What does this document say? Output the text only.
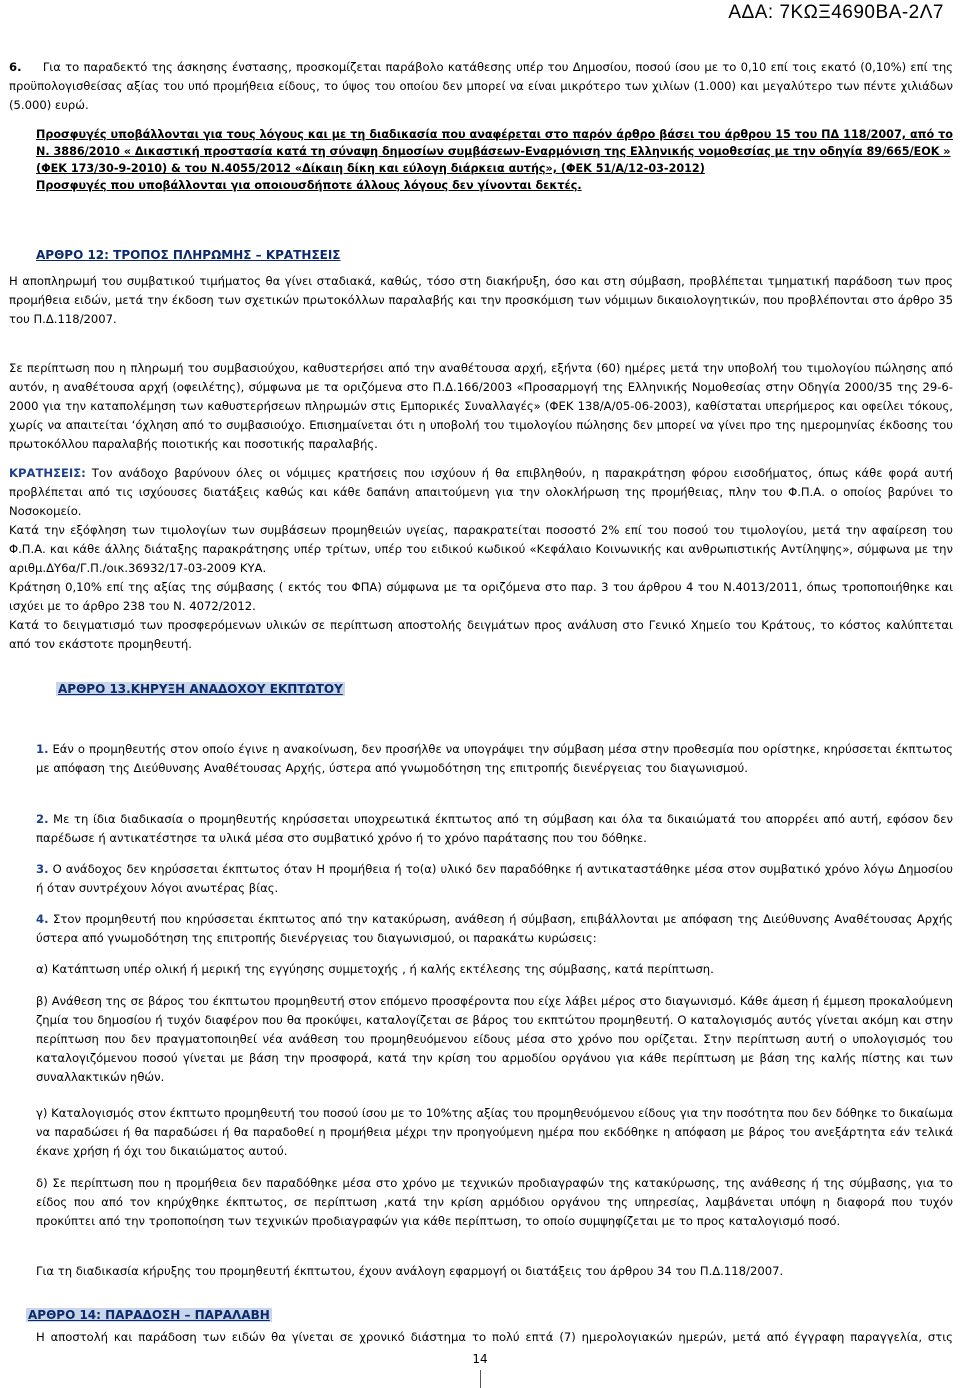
ΑΔΑ: 7ΚΩΞ4690ΒΑ-2Λ7
6. Για το παραδεκτό της άσκησης ένστασης, προσκομίζεται παράβολο κατάθεσης υπέρ του Δημοσίου, ποσού ίσου με το 0,10 επί τοις εκατό (0,10%) επί της προϋπολογισθείσας αξίας του υπό προμήθεια είδους, το ύψος του οποίου δεν μπορεί να είναι μικρότερο των χιλίων (1.000) και μεγαλύτερο των πέντε χιλιάδων (5.000) ευρώ.
Προσφυγές υποβάλλονται για τους λόγους και με τη διαδικασία που αναφέρεται στο παρόν άρθρο βάσει του άρθρου 15 του ΠΔ 118/2007, από το Ν. 3886/2010 « Δικαστική προστασία κατά τη σύναψη δημοσίων συμβάσεων-Εναρμόνιση της Ελληνικής νομοθεσίας με την οδηγία 89/665/ΕΟΚ »
(ΦΕΚ 173/30-9-2010) & του Ν.4055/2012 «Δίκαιη δίκη και εύλογη διάρκεια αυτής», (ΦΕΚ 51/Α/12-03-2012)
Προσφυγές που υποβάλλονται για οποιουσδήποτε άλλους λόγους δεν γίνονται δεκτές.
ΑΡΘΡΟ 12: ΤΡΟΠΟΣ ΠΛΗΡΩΜΗΣ – ΚΡΑΤΗΣΕΙΣ
Η αποπληρωμή του συμβατικού τιμήματος θα γίνει σταδιακά, καθώς, τόσο στη διακήρυξη, όσο και στη σύμβαση, προβλέπεται τμηματική παράδοση των προς προμήθεια ειδών, μετά την έκδοση των σχετικών πρωτοκόλλων παραλαβής και την προσκόμιση των νόμιμων δικαιολογητικών, που προβλέπονται στο άρθρο 35 του Π.Δ.118/2007.
Σε περίπτωση που η πληρωμή του συμβασιούχου, καθυστερήσει από την αναθέτουσα αρχή, εξήντα (60) ημέρες μετά την υποβολή του τιμολογίου πώλησης από αυτόν, η αναθέτουσα αρχή (οφειλέτης), σύμφωνα με τα οριζόμενα στο Π.Δ.166/2003 «Προσαρμογή της Ελληνικής Νομοθεσίας στην Οδηγία 2000/35 της 29-6-2000 για την καταπολέμηση των καθυστερήσεων πληρωμών στις Εμπορικές Συναλλαγές» (ΦΕΚ 138/Α/05-06-2003), καθίσταται υπερήμερος και οφείλει τόκους, χωρίς να απαιτείται ‘όχληση από το συμβασιούχο. Επισημαίνεται ότι η υποβολή του τιμολογίου πώλησης δεν μπορεί να γίνει προ της ημερομηνίας έκδοσης του πρωτοκόλλου παραλαβής ποιοτικής και ποσοτικής παραλαβής.
ΚΡΑΤΗΣΕΙΣ: Τον ανάδοχο βαρύνουν όλες οι νόμιμες κρατήσεις που ισχύουν ή θα επιβληθούν, η παρακράτηση φόρου εισοδήματος, όπως κάθε φορά αυτή προβλέπεται από τις ισχύουσες διατάξεις καθώς και κάθε δαπάνη απαιτούμενη για την ολοκλήρωση της προμήθειας, πλην του Φ.Π.Α. ο οποίος βαρύνει το Νοσοκομείο.
Κατά την εξόφληση των τιμολογίων των συμβάσεων προμηθειών υγείας, παρακρατείται ποσοστό 2% επί του ποσού του τιμολογίου, μετά την αφαίρεση του Φ.Π.Α. και κάθε άλλης διάταξης παρακράτησης υπέρ τρίτων, υπέρ του ειδικού κωδικού «Κεφάλαιο Κοινωνικής και ανθρωπιστικής Αντίληψης», σύμφωνα με την αριθμ.ΔΥ6α/Γ.Π./οικ.36932/17-03-2009 ΚΥΑ.
Κράτηση 0,10% επί της αξίας της σύμβασης ( εκτός του ΦΠΑ) σύμφωνα με τα οριζόμενα στο παρ. 3 του άρθρου 4 του Ν.4013/2011, όπως τροποποιήθηκε και ισχύει με το άρθρο 238 του Ν. 4072/2012.
Κατά το δειγματισμό των προσφερόμενων υλικών σε περίπτωση αποστολής δειγμάτων προς ανάλυση στο Γενικό Χημείο του Κράτους, το κόστος καλύπτεται από τον εκάστοτε προμηθευτή.
ΑΡΘΡΟ 13.ΚΗΡΥΞΗ ΑΝΑΔΟΧΟΥ ΕΚΠΤΩΤΟΥ
1. Εάν ο προμηθευτής στον οποίο έγινε η ανακοίνωση, δεν προσήλθε να υπογράψει την σύμβαση μέσα στην προθεσμία που ορίστηκε, κηρύσσεται έκπτωτος με απόφαση της Διεύθυνσης Αναθέτουσας Αρχής, ύστερα από γνωμοδότηση της επιτροπής διενέργειας του διαγωνισμού.
2. Με τη ίδια διαδικασία ο προμηθευτής κηρύσσεται υποχρεωτικά έκπτωτος από τη σύμβαση και όλα τα δικαιώματά του απορρέει από αυτή, εφόσον δεν παρέδωσε ή αντικατέστησε τα υλικά μέσα στο συμβατικό χρόνο ή το χρόνο παράτασης που του δόθηκε.
3. Ο ανάδοχος δεν κηρύσσεται έκπτωτος όταν Η προμήθεια ή το(α) υλικό δεν παραδόθηκε ή αντικαταστάθηκε μέσα στον συμβατικό χρόνο λόγω Δημοσίου ή όταν συντρέχουν λόγοι ανωτέρας βίας.
4. Στον προμηθευτή που κηρύσσεται έκπτωτος από την κατακύρωση, ανάθεση ή σύμβαση, επιβάλλονται με απόφαση της Διεύθυνσης Αναθέτουσας Αρχής ύστερα από γνωμοδότηση της επιτροπής διενέργειας του διαγωνισμού, οι παρακάτω κυρώσεις:
α) Κατάπτωση υπέρ ολική ή μερική της εγγύησης συμμετοχής , ή καλής εκτέλεσης της σύμβασης, κατά περίπτωση.
β) Ανάθεση της σε βάρος του έκπτωτου προμηθευτή στον επόμενο προσφέροντα που είχε λάβει μέρος στο διαγωνισμό. Κάθε άμεση ή έμμεση προκαλούμενη ζημία του δημοσίου ή τυχόν διαφέρον που θα προκύψει, καταλογίζεται σε βάρος του εκπτώτου προμηθευτή. Ο καταλογισμός αυτός γίνεται ακόμη και στην περίπτωση που δεν πραγματοποιηθεί νέα ανάθεση του προμηθευόμενου είδους μέσα στο χρόνο που ορίζεται. Στην περίπτωση αυτή ο υπολογισμός του καταλογιζόμενου ποσού γίνεται με βάση την προσφορά, κατά την κρίση του αρμοδίου οργάνου για κάθε περίπτωση με βάση της καλής πίστης και των συναλλακτικών ηθών.
γ) Καταλογισμός στον έκπτωτο προμηθευτή του ποσού ίσου με το 10%της αξίας του προμηθευόμενου είδους για την ποσότητα που δεν δόθηκε το δικαίωμα να παραδώσει ή θα παραδώσει ή θα παραδοθεί η προμήθεια μέχρι την προηγούμενη ημέρα που εκδόθηκε η απόφαση με βάρος του ανεξάρτητα εάν τελικά έκανε χρήση ή όχι του δικαιώματος αυτού.
δ) Σε περίπτωση που η προμήθεια δεν παραδόθηκε μέσα στο χρόνο με τεχνικών προδιαγραφών της κατακύρωσης, της ανάθεσης ή της σύμβασης, για το είδος που από τον κηρύχθηκε έκπτωτος, σε περίπτωση ,κατά την κρίση αρμόδιου οργάνου της υπηρεσίας, λαμβάνεται υπόψη η διαφορά που τυχόν προκύπτει από την τροποποίηση των τεχνικών προδιαγραφών για κάθε περίπτωση, το οποίο συμψηφίζεται με το προς καταλογισμό ποσό.
Για τη διαδικασία κήρυξης του προμηθευτή έκπτωτου, έχουν ανάλογη εφαρμογή οι διατάξεις του άρθρου 34 του Π.Δ.118/2007.
ΑΡΘΡΟ 14: ΠΑΡΑΔΟΣΗ – ΠΑΡΑΛΑΒΗ
Η αποστολή και παράδοση των ειδών θα γίνεται σε χρονικό διάστημα το πολύ επτά (7) ημερολογιακών ημερών, μετά από έγγραφη παραγγελία, στις
14
